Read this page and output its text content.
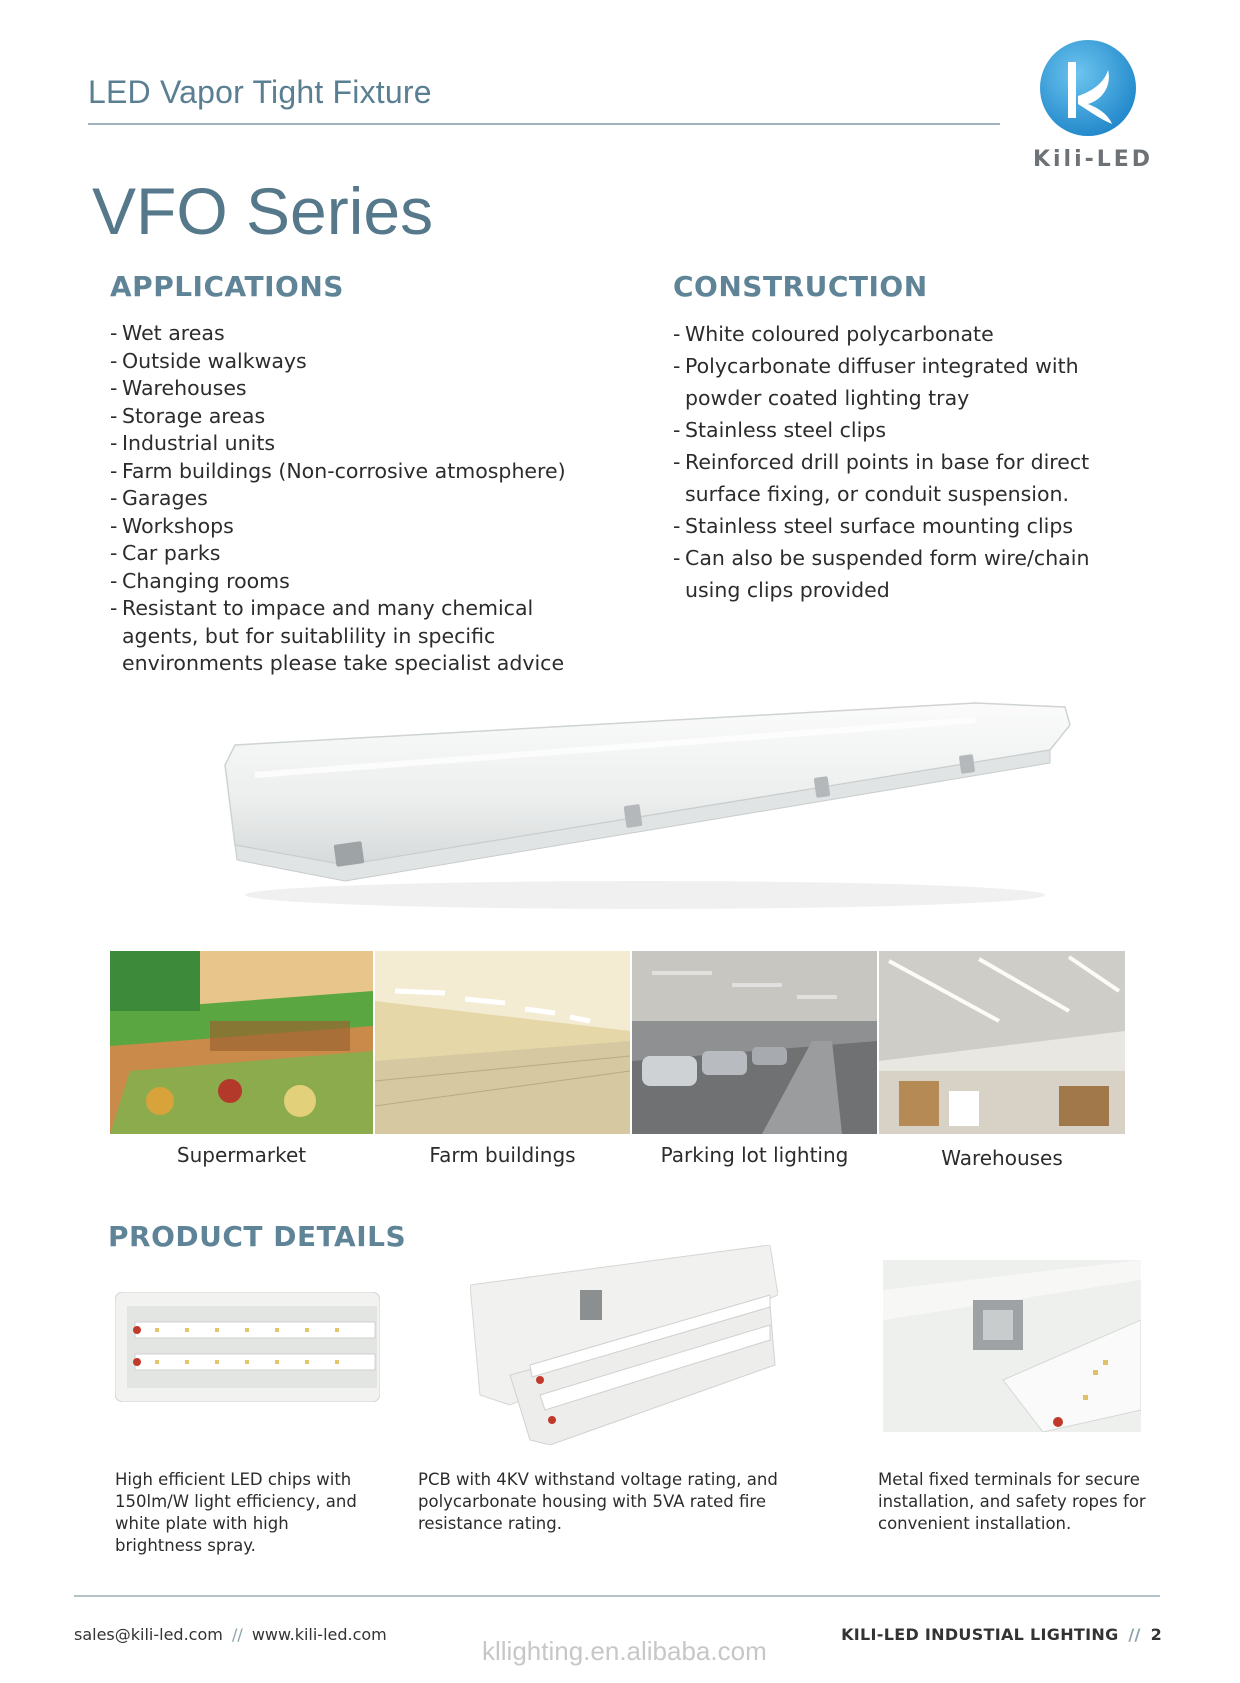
LED Vapor Tight Fixture
Kili-LED
VFO Series
APPLICATIONS
- Wet areas
- Outside walkways
- Warehouses
- Storage areas
- Industrial units
- Farm buildings (Non-corrosive atmosphere)
- Garages
- Workshops
- Car parks
- Changing rooms
- Resistant to impace and many chemical agents, but for suitablility in specific environments please take specialist advice
CONSTRUCTION
- White coloured polycarbonate
- Polycarbonate diffuser integrated with powder coated lighting tray
- Stainless steel clips
- Reinforced drill points in base for direct surface fixing, or conduit suspension.
- Stainless steel surface mounting clips
- Can also be suspended form wire/chain using clips provided
Supermarket	Farm buildings	Parking lot lighting	Warehouses
PRODUCT DETAILS
High efficient LED chips with 150lm/W light efficiency, and white plate with high brightness spray.
PCB with 4KV withstand voltage rating, and polycarbonate housing with 5VA rated fire resistance rating.
Metal fixed terminals for secure installation, and safety ropes for convenient installation.
sales@kili-led.com // www.kili-led.com
kllighting.en.alibaba.com
KILI-LED INDUSTIAL LIGHTING // 2
